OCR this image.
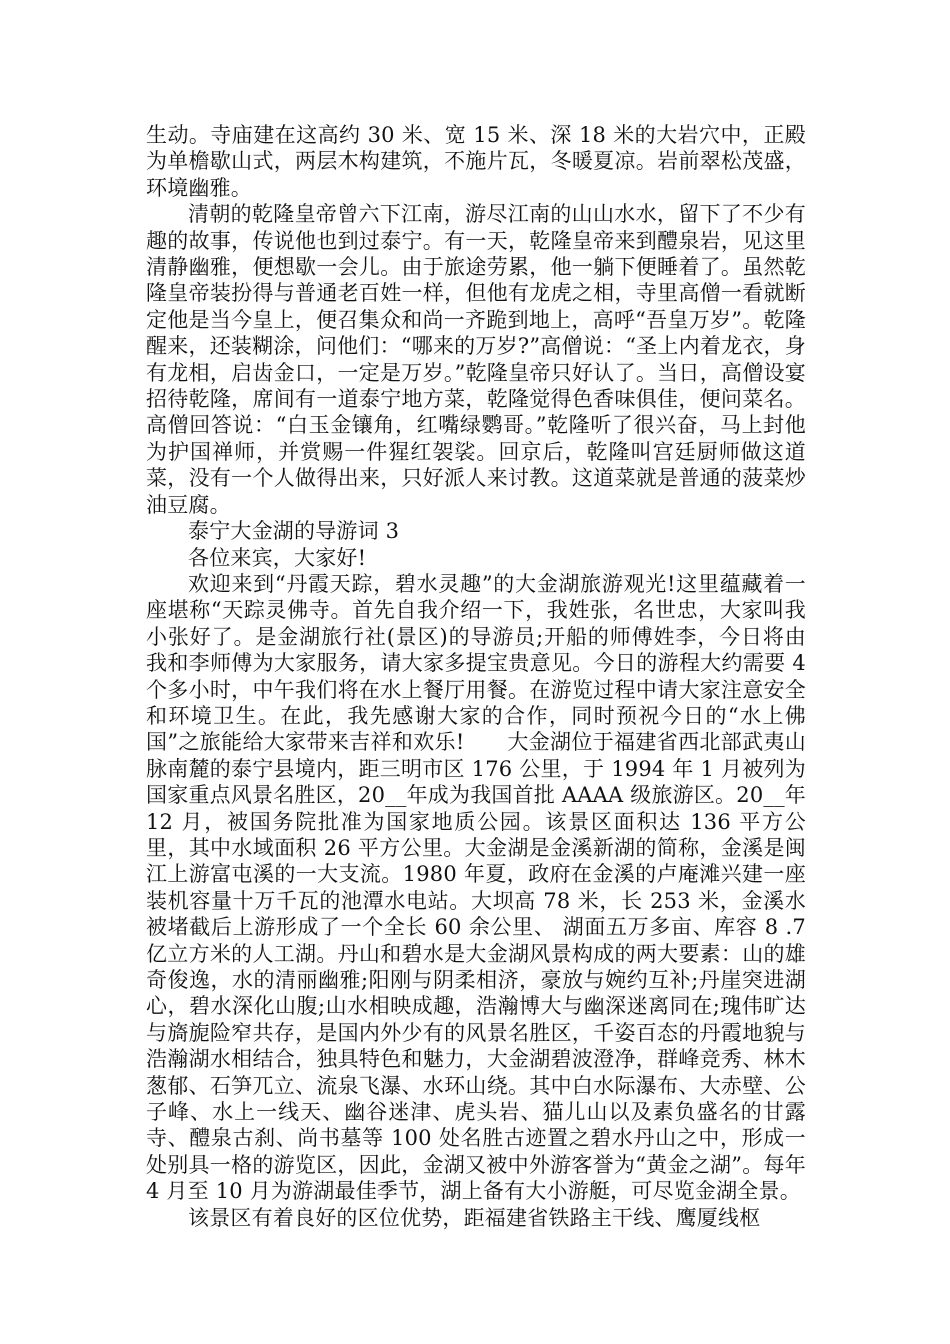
生动。寺庙建在这高约 30 米、宽 15 米、深 18 米的大岩穴中，正殿为单檐歇山式，两层木构建筑，不施片瓦，冬暖夏凉。岩前翠松茂盛，环境幽雅。

清朝的乾隆皇帝曾六下江南，游尽江南的山山水水，留下了不少有趣的故事，传说他也到过泰宁。有一天，乾隆皇帝来到醴泉岩，见这里清静幽雅，便想歇一会儿。由于旅途劳累，他一躺下便睡着了。虽然乾隆皇帝装扮得与普通老百姓一样，但他有龙虎之相，寺里高僧一看就断定他是当今皇上，便召集众和尚一齐跪到地上，高呼“吾皇万岁”。乾隆醒来，还装糊涂，问他们：“哪来的万岁?”高僧说：“圣上内着龙衣，身有龙相，启齿金口，一定是万岁。”乾隆皇帝只好认了。当日，高僧设宴招待乾隆，席间有一道泰宁地方菜，乾隆觉得色香味俱佳，便问菜名。高僧回答说：“白玉金镶角，红嘴绿鹦哥。”乾隆听了很兴奋，马上封他为护国禅师，并赏赐一件猩红袈裟。回京后，乾隆叫宫廷厨师做这道菜，没有一个人做得出来，只好派人来讨教。这道菜就是普通的菠菜炒油豆腐。

泰宁大金湖的导游词 3

各位来宾，大家好!

欢迎来到“丹霞天踪，碧水灵趣”的大金湖旅游观光!这里蕴藏着一座堪称“天踪灵佛寺。首先自我介绍一下，我姓张，名世忠，大家叫我小张好了。是金湖旅行社(景区)的导游员;开船的师傅姓李，今日将由我和李师傅为大家服务，请大家多提宝贵意见。今日的游程大约需要 4 个多小时，中午我们将在水上餐厅用餐。在游览过程中请大家注意安全和环境卫生。在此，我先感谢大家的合作，同时预祝今日的“水上佛国”之旅能给大家带来吉祥和欢乐!　　大金湖位于福建省西北部武夷山脉南麓的泰宁县境内，距三明市区 176 公里，于 1994 年 1 月被列为国家重点风景名胜区，20__年成为我国首批 AAAA 级旅游区。20__年 12 月，被国务院批准为国家地质公园。该景区面积达 136 平方公里，其中水域面积 26 平方公里。大金湖是金溪新湖的简称，金溪是闽江上游富屯溪的一大支流。1980 年夏，政府在金溪的卢庵滩兴建一座装机容量十万千瓦的池潭水电站。大坝高 78 米，长 253 米，金溪水被堵截后上游形成了一个全长 60 余公里、 湖面五万多亩、库容 8 .7 亿立方米的人工湖。丹山和碧水是大金湖风景构成的两大要素：山的雄奇俊逸，水的清丽幽雅;阳刚与阴柔相济，豪放与婉约互补;丹崖突进湖心，碧水深化山腹;山水相映成趣，浩瀚博大与幽深迷离同在;瑰伟旷达与旖旎险窄共存，是国内外少有的风景名胜区，千姿百态的丹霞地貌与浩瀚湖水相结合，独具特色和魅力，大金湖碧波澄净，群峰竞秀、林木葱郁、石笋兀立、流泉飞瀑、水环山绕。其中白水际瀑布、大赤壁、公子峰、水上一线天、幽谷迷津、虎头岩、猫儿山以及素负盛名的甘露寺、醴泉古刹、尚书墓等 100 处名胜古迹置之碧水丹山之中，形成一处别具一格的游览区，因此，金湖又被中外游客誉为“黄金之湖”。每年 4 月至 10 月为游湖最佳季节，湖上备有大小游艇，可尽览金湖全景。

该景区有着良好的区位优势，距福建省铁路主干线、鹰厦线枢
